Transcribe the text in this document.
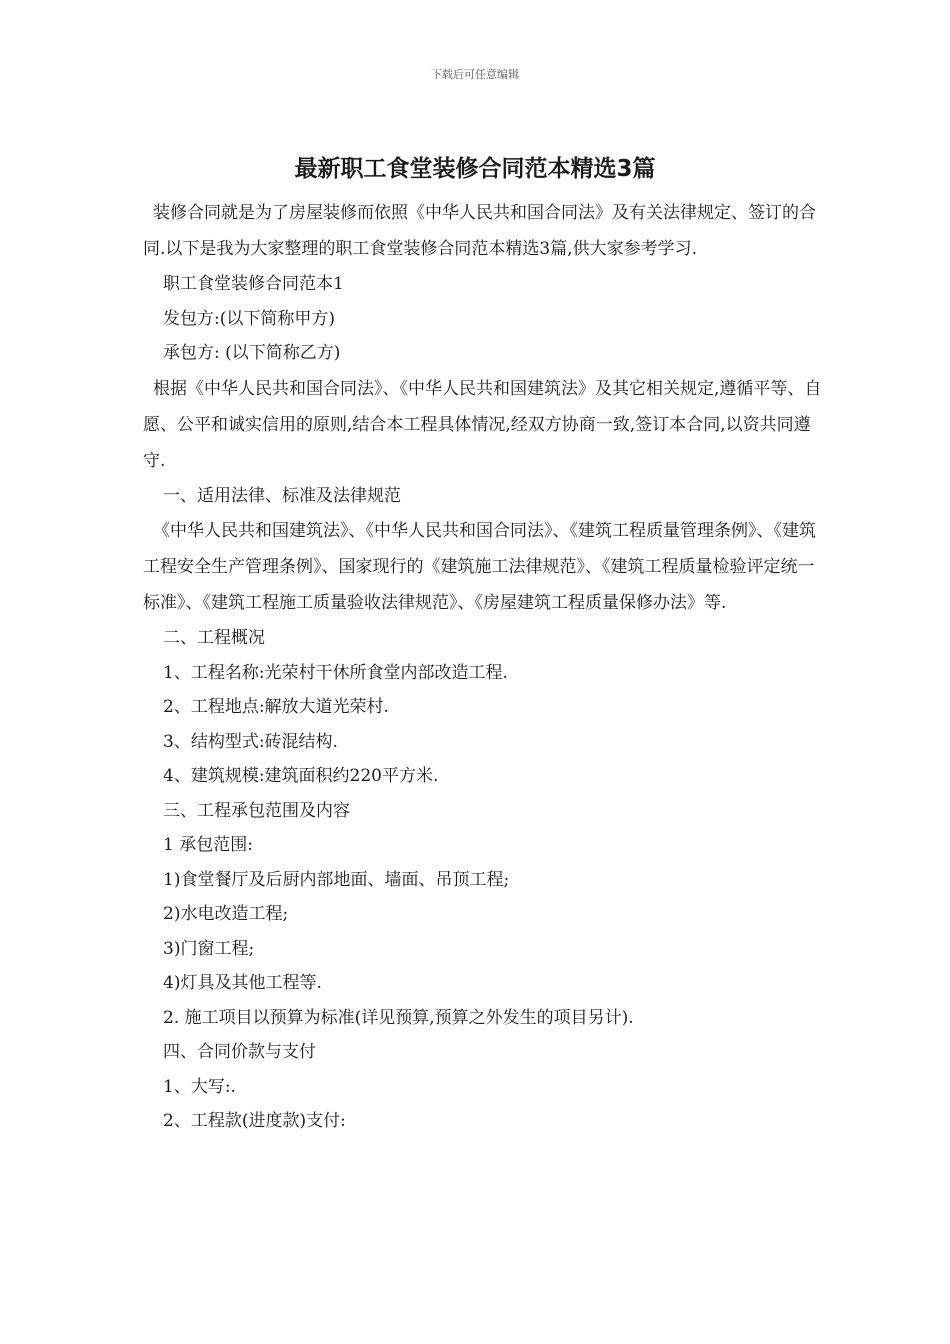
下载后可任意编辑
最新职工食堂装修合同范本精选3篇

装修合同就是为了房屋装修而依照《中华人民共和国合同法》及有关法律规定、签订的合同.以下是我为大家整理的职工食堂装修合同范本精选3篇,供大家参考学习.

职工食堂装修合同范本1

发包方:(以下简称甲方)

承包方: (以下简称乙方)

根据《中华人民共和国合同法》、《中华人民共和国建筑法》及其它相关规定,遵循平等、自愿、公平和诚实信用的原则,结合本工程具体情况,经双方协商一致,签订本合同,以资共同遵守.

一、适用法律、标准及法律规范

《中华人民共和国建筑法》、《中华人民共和国合同法》、《建筑工程质量管理条例》、《建筑工程安全生产管理条例》、国家现行的《建筑施工法律规范》、《建筑工程质量检验评定统一标准》、《建筑工程施工质量验收法律规范》、《房屋建筑工程质量保修办法》等.

二、工程概况

1、工程名称:光荣村干休所食堂内部改造工程.

2、工程地点:解放大道光荣村.

3、结构型式:砖混结构.

4、建筑规模:建筑面积约220平方米.

三、工程承包范围及内容

1 承包范围:

1)食堂餐厅及后厨内部地面、墙面、吊顶工程;

2)水电改造工程;

3)门窗工程;

4)灯具及其他工程等.

2. 施工项目以预算为标准(详见预算,预算之外发生的项目另计).

四、合同价款与支付

1、大写:.

2、工程款(进度款)支付:
